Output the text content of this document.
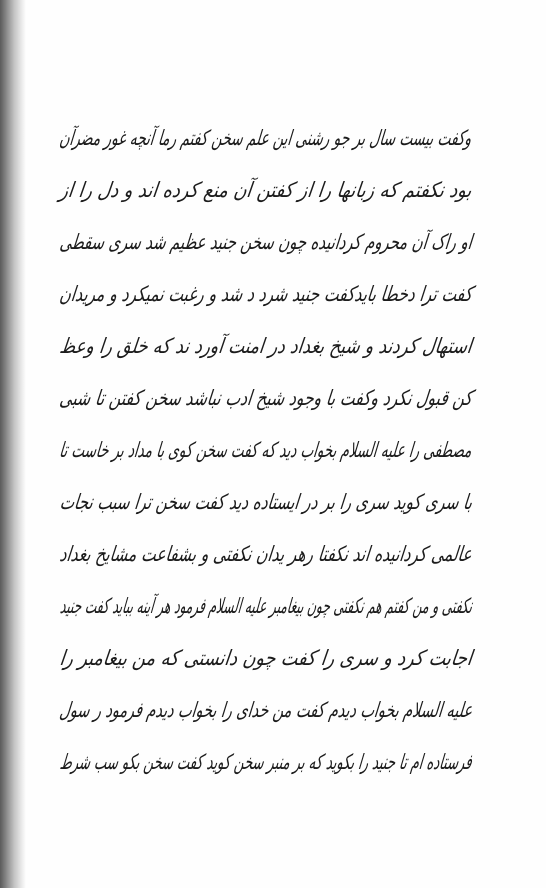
وکفت بیست سال بر جو رشنی این علم سخن کفتم رما آنچه غور مضرآن
بود نکفتم که زبانها را از کفتن آن منع کرده اند و دل را از
او راک آن محروم کردانیده چون سخن جنید عظیم شد سری سقطی
کفت ترا دخطا بایدکفت جنید شرد د شد و رغبت نمیکرد و مریدان
استهال کردند و شیخ بغداد در امنت آورد ند که خلق را وعظ
کن قبول نکرد وکفت با وجود شیخ ادب نباشد سخن کفتن تا شبی
مصطفی را علیه السلام بخواب دید که کفت سخن کوی با مداد بر خاست تا
با سری کوید سری را بر در ایستاده دید کفت سخن ترا سبب نجات
عالمی کردانیده اند نکفتا رهر یدان نکفتی و بشفاعت مشایخ بغداد
نکفتی و من کفتم هم نکفتی چون بیغامبر علیه السلام فرمود هر آینه بباید کفت جنید
اجابت کرد و سری را کفت چون دانستی که من بیغامبر را
علیه السلام بخواب دیدم کفت من خدای را بخواب دیدم فرمود ر سول
فرستاده ام تا جنید را بکوید که بر منبر سخن کوید کفت سخن بکو سب شرط
